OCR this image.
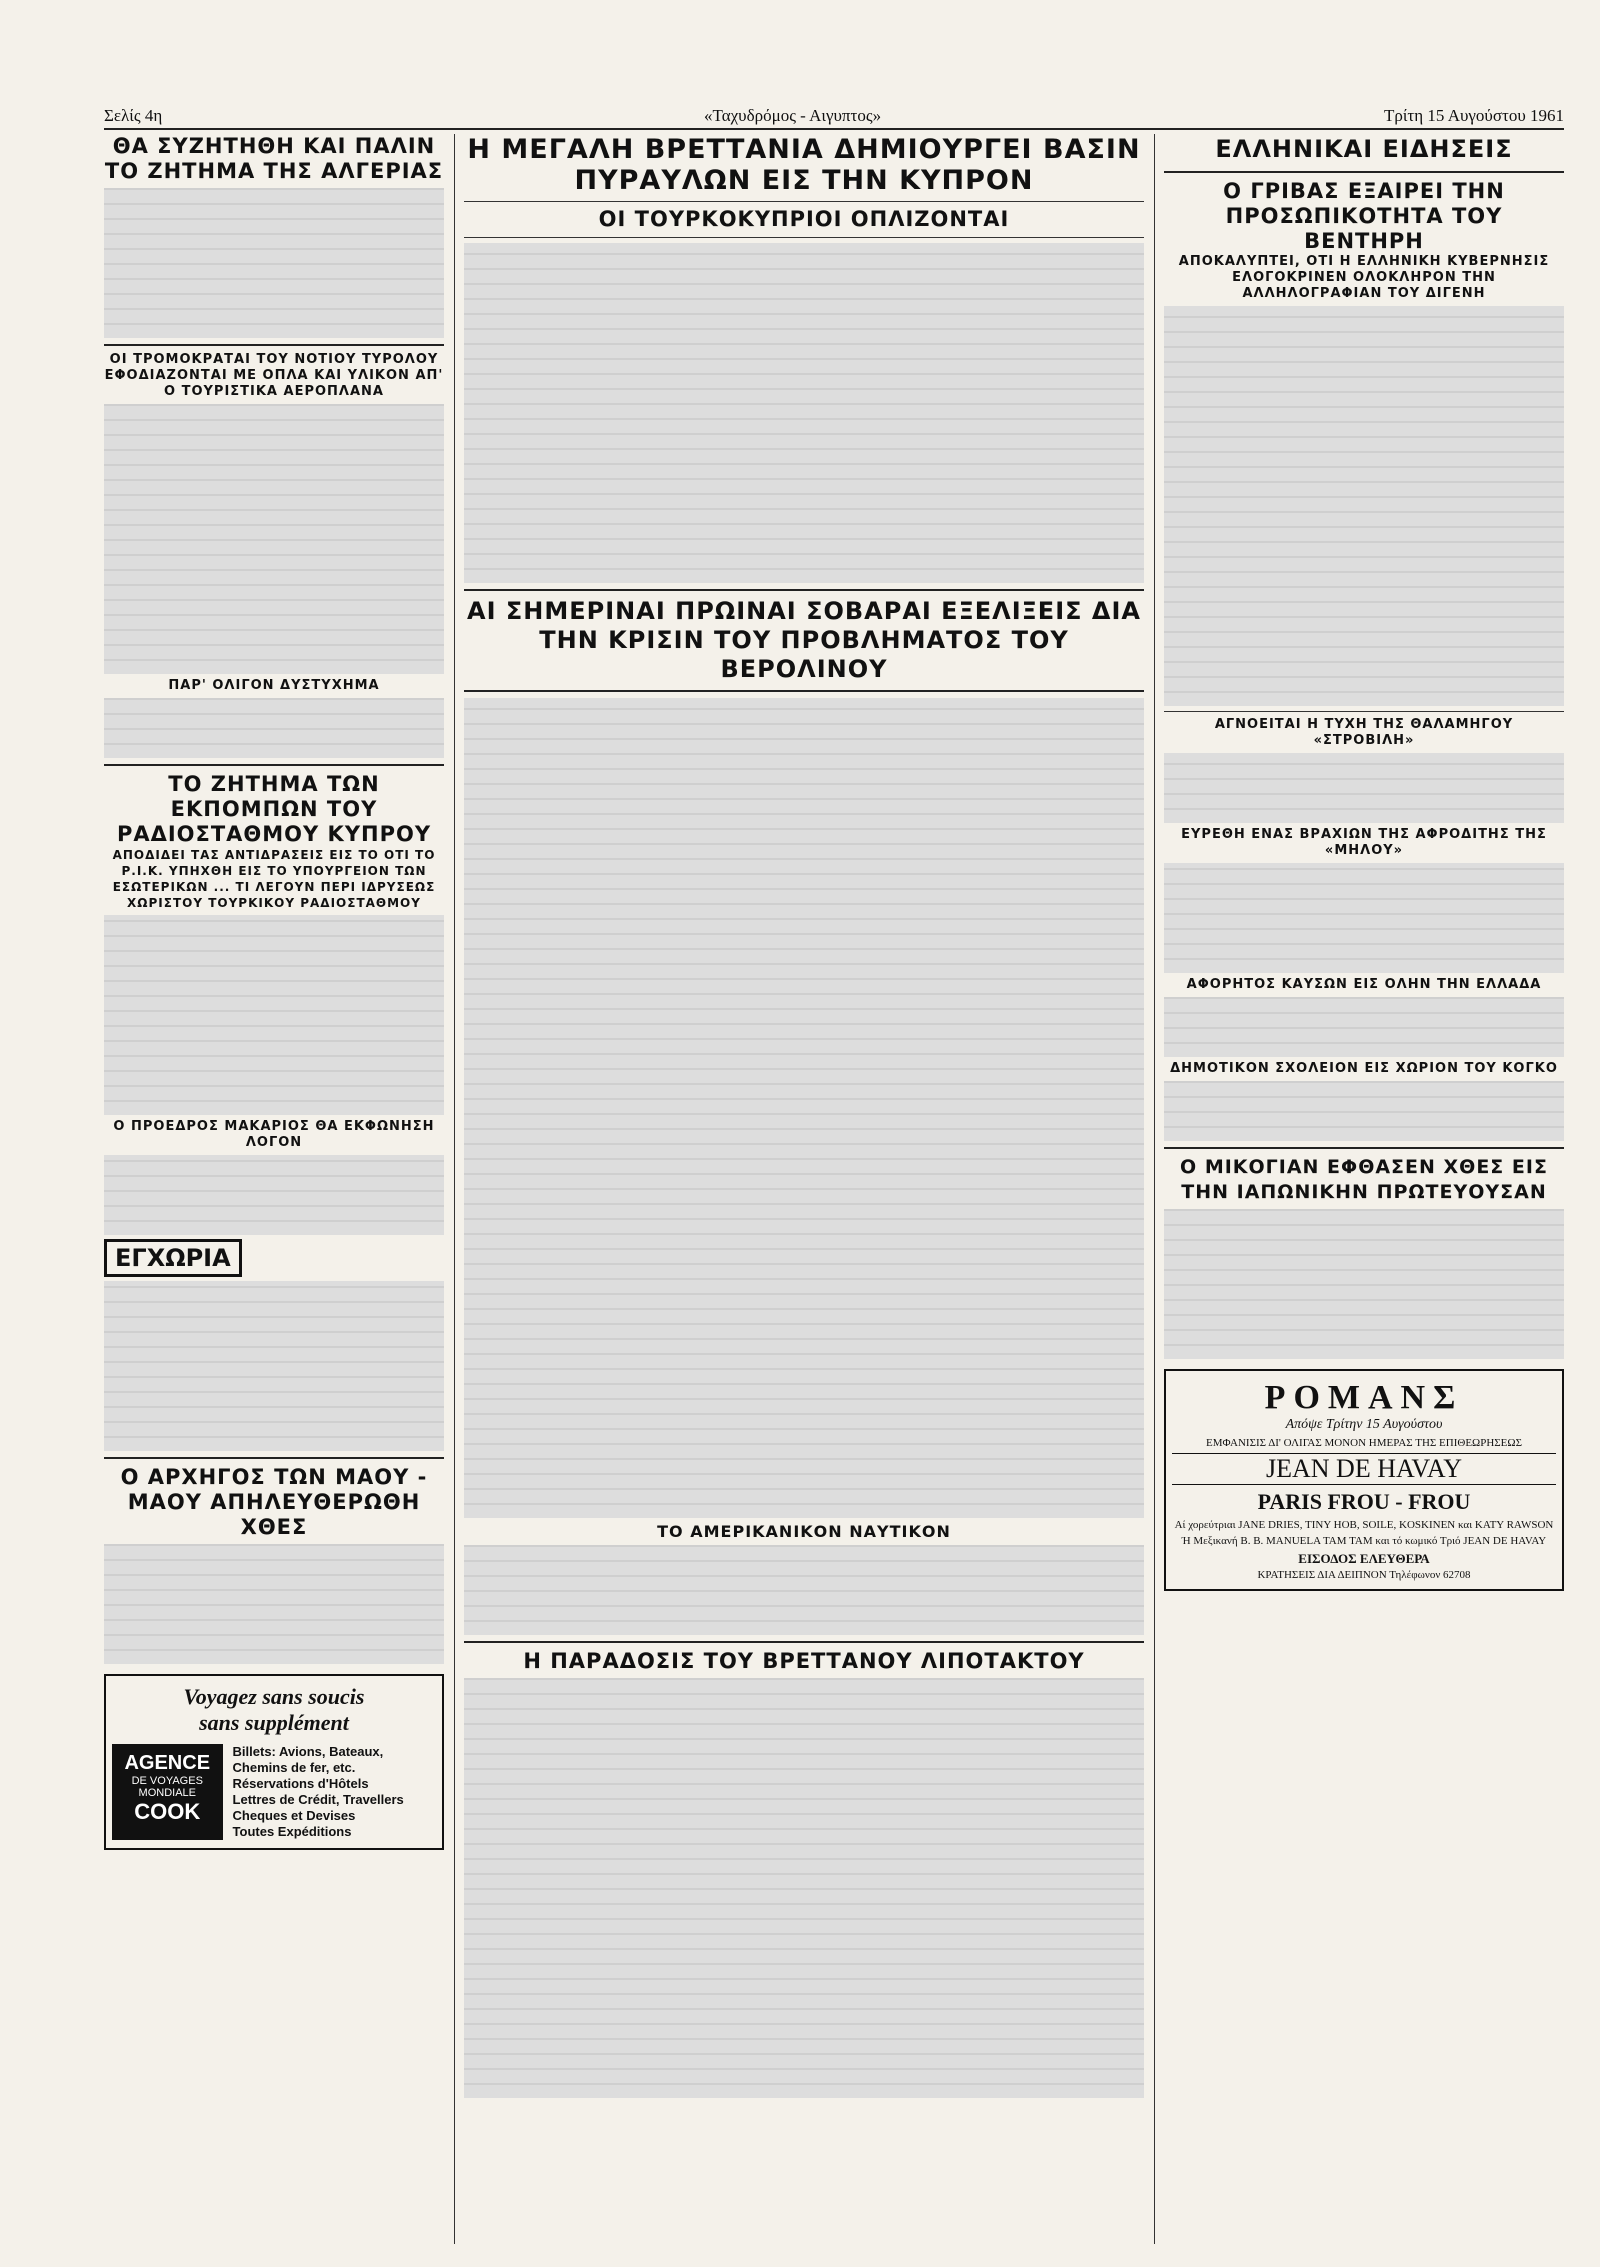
Σελίς 4η	«Ταχυδρόμος - Αιγυπτος»	Τρίτη 15 Αυγούστου 1961
ΘΑ ΣΥΖΗΤΗΘΗ ΚΑΙ ΠΑΛΙΝ ΤΟ ΖΗΤΗΜΑ ΤΗΣ ΑΛΓΕΡΙΑΣ
ΟΙ ΤΡΟΜΟΚΡΑΤΑΙ ΤΟΥ ΝΟΤΙΟΥ ΤΥΡΟΛΟΥ ΕΦΟΔΙΑΖΟΝΤΑΙ ΜΕ ΟΠΛΑ ΚΑΙ ΥΛΙΚΟΝ ΑΠ' Ο ΤΟΥΡΙΣΤΙΚΑ ΑΕΡΟΠΛΑΝΑ
ΠΑΡ' ΟΛΙΓΟΝ ΔΥΣΤΥΧΗΜΑ
ΤΟ ΖΗΤΗΜΑ ΤΩΝ ΕΚΠΟΜΠΩΝ ΤΟΥ ΡΑΔΙΟΣΤΑΘΜΟΥ ΚΥΠΡΟΥ
ΑΠΟΔΙΔΕΙ ΤΑΣ ΑΝΤΙΔΡΑΣΕΙΣ ΕΙΣ ΤΟ ΟΤΙ ΤΟ Ρ.Ι.Κ. ΥΠΗΧΘΗ ΕΙΣ ΤΟ ΥΠΟΥΡΓΕΙΟΝ ΤΩΝ ΕΣΩΤΕΡΙΚΩΝ ... ΤΙ ΛΕΓΟΥΝ ΠΕΡΙ ΙΔΡΥΣΕΩΣ ΧΩΡΙΣΤΟΥ ΤΟΥΡΚΙΚΟΥ ΡΑΔΙΟΣΤΑΘΜΟΥ
Ο ΠΡΟΕΔΡΟΣ ΜΑΚΑΡΙΟΣ ΘΑ ΕΚΦΩΝΗΣΗ ΛΟΓΟΝ
ΕΓΧΩΡΙΑ
Ο ΑΡΧΗΓΟΣ ΤΩΝ ΜΑΟΥ - ΜΑΟΥ ΑΠΗΛΕΥΘΕΡΩΘΗ ΧΘΕΣ
Voyagez sans soucis
sans supplément
AGENCE
DE VOYAGES
MONDIALE
COOK
Billets: Avions, Bateaux, Chemins de fer, etc.
Réservations d'Hôtels
Lettres de Crédit, Travellers Cheques et Devises
Toutes Expéditions
Η ΜΕΓΑΛΗ ΒΡΕΤΤΑΝΙΑ ΔΗΜΙΟΥΡΓΕΙ ΒΑΣΙΝ ΠΥΡΑΥΛΩΝ ΕΙΣ ΤΗΝ ΚΥΠΡΟΝ
ΟΙ ΤΟΥΡΚΟΚΥΠΡΙΟΙ ΟΠΛΙΖΟΝΤΑΙ
ΑΙ ΣΗΜΕΡΙΝΑΙ ΠΡΩΙΝΑΙ ΣΟΒΑΡΑΙ ΕΞΕΛΙΞΕΙΣ ΔΙΑ ΤΗΝ ΚΡΙΣΙΝ ΤΟΥ ΠΡΟΒΛΗΜΑΤΟΣ ΤΟΥ ΒΕΡΟΛΙΝΟΥ
ΤΟ ΑΜΕΡΙΚΑΝΙΚΟΝ ΝΑΥΤΙΚΟΝ
Η ΠΑΡΑΔΟΣΙΣ ΤΟΥ ΒΡΕΤΤΑΝΟΥ ΛΙΠΟΤΑΚΤΟΥ
ΕΛΛΗΝΙΚΑΙ ΕΙΔΗΣΕΙΣ
Ο ΓΡΙΒΑΣ ΕΞΑΙΡΕΙ ΤΗΝ ΠΡΟΣΩΠΙΚΟΤΗΤΑ ΤΟΥ ΒΕΝΤΗΡΗ
ΑΠΟΚΑΛΥΠΤΕΙ, ΟΤΙ Η ΕΛΛΗΝΙΚΗ ΚΥΒΕΡΝΗΣΙΣ ΕΛΟΓΟΚΡΙΝΕΝ ΟΛΟΚΛΗΡΟΝ ΤΗΝ ΑΛΛΗΛΟΓΡΑΦΙΑΝ ΤΟΥ ΔΙΓΕΝΗ
ΑΓΝΟΕΙΤΑΙ Η ΤΥΧΗ ΤΗΣ ΘΑΛΑΜΗΓΟΥ «ΣΤΡΟΒΙΛΗ»
ΕΥΡΕΘΗ ΕΝΑΣ ΒΡΑΧΙΩΝ ΤΗΣ ΑΦΡΟΔΙΤΗΣ ΤΗΣ «ΜΗΛΟΥ»
ΑΦΟΡΗΤΟΣ ΚΑΥΣΩΝ ΕΙΣ ΟΛΗΝ ΤΗΝ ΕΛΛΑΔΑ
ΔΗΜΟΤΙΚΟΝ ΣΧΟΛΕΙΟΝ ΕΙΣ ΧΩΡΙΟΝ ΤΟΥ ΚΟΓΚΟ
Ο ΜΙΚΟΓΙΑΝ ΕΦΘΑΣΕΝ ΧΘΕΣ ΕΙΣ ΤΗΝ ΙΑΠΩΝΙΚΗΝ ΠΡΩΤΕΥΟΥΣΑΝ
ΡΟΜΑΝΣ
Απόψε Τρίτην 15 Αυγούστου
ΕΜΦΑΝΙΣΙΣ ΔΙ' ΟΛΙΓΑΣ ΜΟΝΟΝ ΗΜΕΡΑΣ ΤΗΣ ΕΠΙΘΕΩΡΗΣΕΩΣ
JEAN DE HAVAY
PARIS FROU - FROU
Αί χορεύτριαι JANE DRIES, TINY HOB, SOILE, KOSKINEN και KATY RAWSON
Ή Μεξικανή B. B. MANUELA TAM TAM και τό κωμικό Τριό JEAN DE HAVAY
ΕΙΣΟΔΟΣ ΕΛΕΥΘΕΡΑ
ΚΡΑΤΗΣΕΙΣ ΔΙΑ ΔΕΙΠΝΟΝ Τηλέφωνον 62708
